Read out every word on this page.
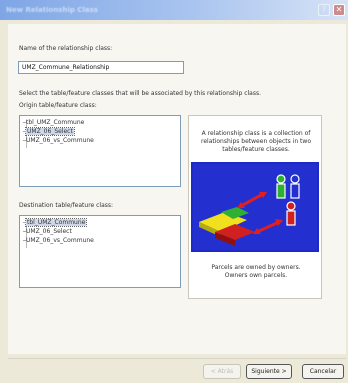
New Relationship Class	?	✕
Name of the relationship class:
UMZ_Commune_Relationship
Select the table/feature classes that will be associated by this relationship class.
Origin table/feature class:
tbl_UMZ_Commune
UMZ_06_Select
UMZ_06_vs_Commune
Destination table/feature class:
tbl_UMZ_Commune
UMZ_06_Select
UMZ_06_vs_Commune
A relationship class is a collection of relationships between objects in two tables/feature classes.
Parcels are owned by owners.
Owners own parcels.
< Atrás	Siguiente >	Cancelar
